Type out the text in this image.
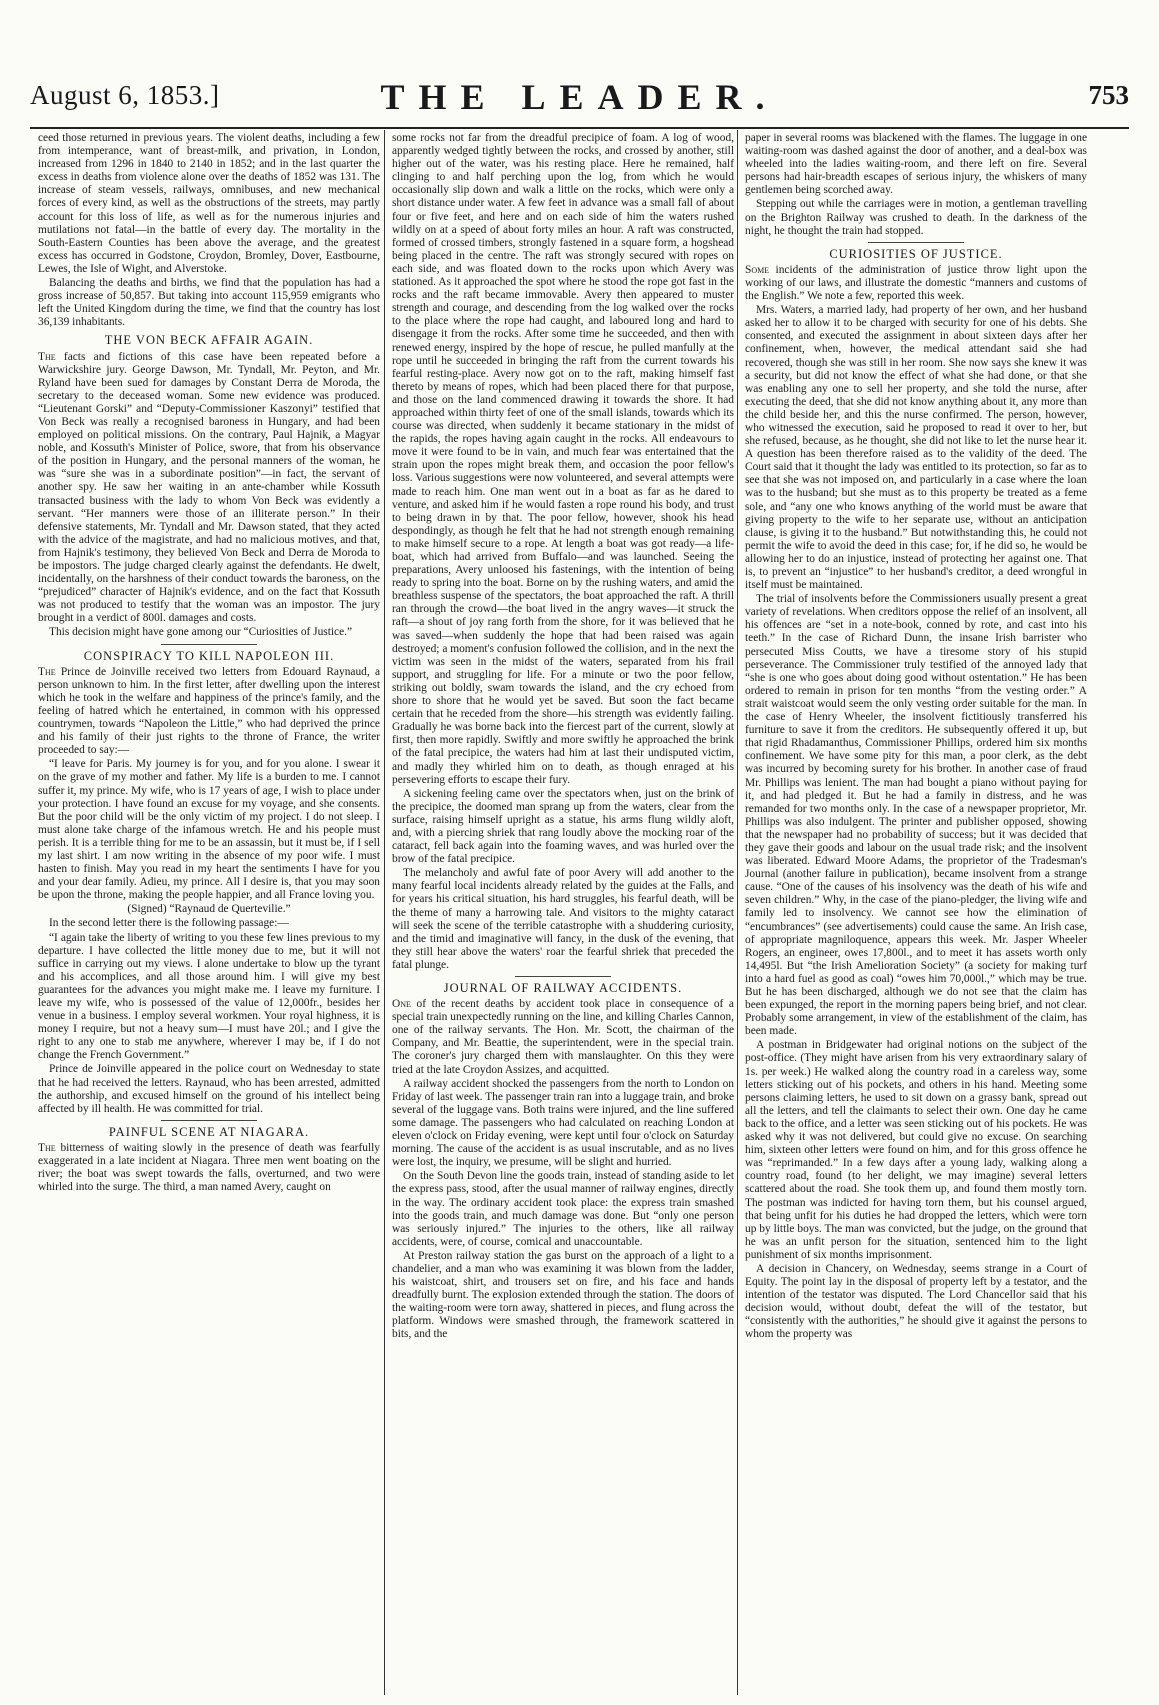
August 6, 1853.]	THE LEADER.	753

ceed those returned in previous years. The violent deaths, including a few from intemperance, want of breast-milk, and privation, in London, increased from 1296 in 1840 to 2140 in 1852; and in the last quarter the excess in deaths from violence alone over the deaths of 1852 was 131. The increase of steam vessels, railways, omnibuses, and new mechanical forces of every kind, as well as the obstructions of the streets, may partly account for this loss of life, as well as for the numerous injuries and mutilations not fatal—in the battle of every day. The mortality in the South-Eastern Counties has been above the average, and the greatest excess has occurred in Godstone, Croydon, Bromley, Dover, Eastbourne, Lewes, the Isle of Wight, and Alverstoke.

Balancing the deaths and births, we find that the population has had a gross increase of 50,857. But taking into account 115,959 emigrants who left the United Kingdom during the time, we find that the country has lost 36,139 inhabitants.

THE VON BECK AFFAIR AGAIN.

The facts and fictions of this case have been repeated before a Warwickshire jury. George Dawson, Mr. Tyndall, Mr. Peyton, and Mr. Ryland have been sued for damages by Constant Derra de Moroda, the secretary to the deceased woman. Some new evidence was produced. “Lieutenant Gorski” and “Deputy-Commissioner Kaszonyi” testified that Von Beck was really a recognised baroness in Hungary, and had been employed on political missions. On the contrary, Paul Hajnik, a Magyar noble, and Kossuth's Minister of Police, swore, that from his observance of the position in Hungary, and the personal manners of the woman, he was “sure she was in a subordinate position”—in fact, the servant of another spy. He saw her waiting in an ante-chamber while Kossuth transacted business with the lady to whom Von Beck was evidently a servant. “Her manners were those of an illiterate person.” In their defensive statements, Mr. Tyndall and Mr. Dawson stated, that they acted with the advice of the magistrate, and had no malicious motives, and that, from Hajnik's testimony, they believed Von Beck and Derra de Moroda to be impostors. The judge charged clearly against the defendants. He dwelt, incidentally, on the harshness of their conduct towards the baroness, on the “prejudiced” character of Hajnik's evidence, and on the fact that Kossuth was not produced to testify that the woman was an impostor. The jury brought in a verdict of 800l. damages and costs.

This decision might have gone among our “Curiosities of Justice.”

CONSPIRACY TO KILL NAPOLEON III.

The Prince de Joinville received two letters from Edouard Raynaud, a person unknown to him. In the first letter, after dwelling upon the interest which he took in the welfare and happiness of the prince's family, and the feeling of hatred which he entertained, in common with his oppressed countrymen, towards “Napoleon the Little,” who had deprived the prince and his family of their just rights to the throne of France, the writer proceeded to say:—

“I leave for Paris. My journey is for you, and for you alone. I swear it on the grave of my mother and father. My life is a burden to me. I cannot suffer it, my prince. My wife, who is 17 years of age, I wish to place under your protection. I have found an excuse for my voyage, and she consents. But the poor child will be the only victim of my project. I do not sleep. I must alone take charge of the infamous wretch. He and his people must perish. It is a terrible thing for me to be an assassin, but it must be, if I sell my last shirt. I am now writing in the absence of my poor wife. I must hasten to finish. May you read in my heart the sentiments I have for you and your dear family. Adieu, my prince. All I desire is, that you may soon be upon the throne, making the people happier, and all France loving you.

(Signed) “Raynaud de Quertevilie.”

In the second letter there is the following passage:—

“I again take the liberty of writing to you these few lines previous to my departure. I have collected the little money due to me, but it will not suffice in carrying out my views. I alone undertake to blow up the tyrant and his accomplices, and all those around him. I will give my best guarantees for the advances you might make me. I leave my furniture. I leave my wife, who is possessed of the value of 12,000fr., besides her venue in a business. I employ several workmen. Your royal highness, it is money I require, but not a heavy sum—I must have 20l.; and I give the right to any one to stab me anywhere, wherever I may be, if I do not change the French Government.”

Prince de Joinville appeared in the police court on Wednesday to state that he had received the letters. Raynaud, who has been arrested, admitted the authorship, and excused himself on the ground of his intellect being affected by ill health. He was committed for trial.

PAINFUL SCENE AT NIAGARA.

The bitterness of waiting slowly in the presence of death was fearfully exaggerated in a late incident at Niagara. Three men went boating on the river; the boat was swept towards the falls, overturned, and two were whirled into the surge. The third, a man named Avery, caught on

some rocks not far from the dreadful precipice of foam. A log of wood, apparently wedged tightly between the rocks, and crossed by another, still higher out of the water, was his resting place. Here he remained, half clinging to and half perching upon the log, from which he would occasionally slip down and walk a little on the rocks, which were only a short distance under water. A few feet in advance was a small fall of about four or five feet, and here and on each side of him the waters rushed wildly on at a speed of about forty miles an hour. A raft was constructed, formed of crossed timbers, strongly fastened in a square form, a hogshead being placed in the centre. The raft was strongly secured with ropes on each side, and was floated down to the rocks upon which Avery was stationed. As it approached the spot where he stood the rope got fast in the rocks and the raft became immovable. Avery then appeared to muster strength and courage, and descending from the log walked over the rocks to the place where the rope had caught, and laboured long and hard to disengage it from the rocks. After some time he succeeded, and then with renewed energy, inspired by the hope of rescue, he pulled manfully at the rope until he succeeded in bringing the raft from the current towards his fearful resting-place. Avery now got on to the raft, making himself fast thereto by means of ropes, which had been placed there for that purpose, and those on the land commenced drawing it towards the shore. It had approached within thirty feet of one of the small islands, towards which its course was directed, when suddenly it became stationary in the midst of the rapids, the ropes having again caught in the rocks. All endeavours to move it were found to be in vain, and much fear was entertained that the strain upon the ropes might break them, and occasion the poor fellow's loss. Various suggestions were now volunteered, and several attempts were made to reach him. One man went out in a boat as far as he dared to venture, and asked him if he would fasten a rope round his body, and trust to being drawn in by that. The poor fellow, however, shook his head despondingly, as though he felt that he had not strength enough remaining to make himself secure to a rope. At length a boat was got ready—a life-boat, which had arrived from Buffalo—and was launched. Seeing the preparations, Avery unloosed his fastenings, with the intention of being ready to spring into the boat. Borne on by the rushing waters, and amid the breathless suspense of the spectators, the boat approached the raft. A thrill ran through the crowd—the boat lived in the angry waves—it struck the raft—a shout of joy rang forth from the shore, for it was believed that he was saved—when suddenly the hope that had been raised was again destroyed; a moment's confusion followed the collision, and in the next the victim was seen in the midst of the waters, separated from his frail support, and struggling for life. For a minute or two the poor fellow, striking out boldly, swam towards the island, and the cry echoed from shore to shore that he would yet be saved. But soon the fact became certain that he receded from the shore—his strength was evidently failing. Gradually he was borne back into the fiercest part of the current, slowly at first, then more rapidly. Swiftly and more swiftly he approached the brink of the fatal precipice, the waters had him at last their undisputed victim, and madly they whirled him on to death, as though enraged at his persevering efforts to escape their fury.

A sickening feeling came over the spectators when, just on the brink of the precipice, the doomed man sprang up from the waters, clear from the surface, raising himself upright as a statue, his arms flung wildly aloft, and, with a piercing shriek that rang loudly above the mocking roar of the cataract, fell back again into the foaming waves, and was hurled over the brow of the fatal precipice.

The melancholy and awful fate of poor Avery will add another to the many fearful local incidents already related by the guides at the Falls, and for years his critical situation, his hard struggles, his fearful death, will be the theme of many a harrowing tale. And visitors to the mighty cataract will seek the scene of the terrible catastrophe with a shuddering curiosity, and the timid and imaginative will fancy, in the dusk of the evening, that they still hear above the waters' roar the fearful shriek that preceded the fatal plunge.

JOURNAL OF RAILWAY ACCIDENTS.

One of the recent deaths by accident took place in consequence of a special train unexpectedly running on the line, and killing Charles Cannon, one of the railway servants. The Hon. Mr. Scott, the chairman of the Company, and Mr. Beattie, the superintendent, were in the special train. The coroner's jury charged them with manslaughter. On this they were tried at the late Croydon Assizes, and acquitted.

A railway accident shocked the passengers from the north to London on Friday of last week. The passenger train ran into a luggage train, and broke several of the luggage vans. Both trains were injured, and the line suffered some damage. The passengers who had calculated on reaching London at eleven o'clock on Friday evening, were kept until four o'clock on Saturday morning. The cause of the accident is as usual inscrutable, and as no lives were lost, the inquiry, we presume, will be slight and hurried.

On the South Devon line the goods train, instead of standing aside to let the express pass, stood, after the usual manner of railway engines, directly in the way. The ordinary accident took place: the express train smashed into the goods train, and much damage was done. But “only one person was seriously injured.” The injuries to the others, like all railway accidents, were, of course, comical and unaccountable.

At Preston railway station the gas burst on the approach of a light to a chandelier, and a man who was examining it was blown from the ladder, his waistcoat, shirt, and trousers set on fire, and his face and hands dreadfully burnt. The explosion extended through the station. The doors of the waiting-room were torn away, shattered in pieces, and flung across the platform. Windows were smashed through, the framework scattered in bits, and the

paper in several rooms was blackened with the flames. The luggage in one waiting-room was dashed against the door of another, and a deal-box was wheeled into the ladies waiting-room, and there left on fire. Several persons had hair-breadth escapes of serious injury, the whiskers of many gentlemen being scorched away.

Stepping out while the carriages were in motion, a gentleman travelling on the Brighton Railway was crushed to death. In the darkness of the night, he thought the train had stopped.

CURIOSITIES OF JUSTICE.

Some incidents of the administration of justice throw light upon the working of our laws, and illustrate the domestic “manners and customs of the English.” We note a few, reported this week.

Mrs. Waters, a married lady, had property of her own, and her husband asked her to allow it to be charged with security for one of his debts. She consented, and executed the assignment in about sixteen days after her confinement, when, however, the medical attendant said she had recovered, though she was still in her room. She now says she knew it was a security, but did not know the effect of what she had done, or that she was enabling any one to sell her property, and she told the nurse, after executing the deed, that she did not know anything about it, any more than the child beside her, and this the nurse confirmed. The person, however, who witnessed the execution, said he proposed to read it over to her, but she refused, because, as he thought, she did not like to let the nurse hear it. A question has been therefore raised as to the validity of the deed. The Court said that it thought the lady was entitled to its protection, so far as to see that she was not imposed on, and particularly in a case where the loan was to the husband; but she must as to this property be treated as a feme sole, and “any one who knows anything of the world must be aware that giving property to the wife to her separate use, without an anticipation clause, is giving it to the husband.” But notwithstanding this, he could not permit the wife to avoid the deed in this case; for, if he did so, he would be allowing her to do an injustice, instead of protecting her against one. That is, to prevent an “injustice” to her husband's creditor, a deed wrongful in itself must be maintained.

The trial of insolvents before the Commissioners usually present a great variety of revelations. When creditors oppose the relief of an insolvent, all his offences are “set in a note-book, conned by rote, and cast into his teeth.” In the case of Richard Dunn, the insane Irish barrister who persecuted Miss Coutts, we have a tiresome story of his stupid perseverance. The Commissioner truly testified of the annoyed lady that “she is one who goes about doing good without ostentation.” He has been ordered to remain in prison for ten months “from the vesting order.” A strait waistcoat would seem the only vesting order suitable for the man. In the case of Henry Wheeler, the insolvent fictitiously transferred his furniture to save it from the creditors. He subsequently offered it up, but that rigid Rhadamanthus, Commissioner Phillips, ordered him six months confinement. We have some pity for this man, a poor clerk, as the debt was incurred by becoming surety for his brother. In another case of fraud Mr. Phillips was lenient. The man had bought a piano without paying for it, and had pledged it. But he had a family in distress, and he was remanded for two months only. In the case of a newspaper proprietor, Mr. Phillips was also indulgent. The printer and publisher opposed, showing that the newspaper had no probability of success; but it was decided that they gave their goods and labour on the usual trade risk; and the insolvent was liberated. Edward Moore Adams, the proprietor of the Tradesman's Journal (another failure in publication), became insolvent from a strange cause. “One of the causes of his insolvency was the death of his wife and seven children.” Why, in the case of the piano-pledger, the living wife and family led to insolvency. We cannot see how the elimination of “encumbrances” (see advertisements) could cause the same. An Irish case, of appropriate magniloquence, appears this week. Mr. Jasper Wheeler Rogers, an engineer, owes 17,800l., and to meet it has assets worth only 14,495l. But “the Irish Amelioration Society” (a society for making turf into a hard fuel as good as coal) “owes him 70,000l.,” which may be true. But he has been discharged, although we do not see that the claim has been expunged, the report in the morning papers being brief, and not clear. Probably some arrangement, in view of the establishment of the claim, has been made.

A postman in Bridgewater had original notions on the subject of the post-office. (They might have arisen from his very extraordinary salary of 1s. per week.) He walked along the country road in a careless way, some letters sticking out of his pockets, and others in his hand. Meeting some persons claiming letters, he used to sit down on a grassy bank, spread out all the letters, and tell the claimants to select their own. One day he came back to the office, and a letter was seen sticking out of his pockets. He was asked why it was not delivered, but could give no excuse. On searching him, sixteen other letters were found on him, and for this gross offence he was “reprimanded.” In a few days after a young lady, walking along a country road, found (to her delight, we may imagine) several letters scattered about the road. She took them up, and found them mostly torn. The postman was indicted for having torn them, but his counsel argued, that being unfit for his duties he had dropped the letters, which were torn up by little boys. The man was convicted, but the judge, on the ground that he was an unfit person for the situation, sentenced him to the light punishment of six months imprisonment.

A decision in Chancery, on Wednesday, seems strange in a Court of Equity. The point lay in the disposal of property left by a testator, and the intention of the testator was disputed. The Lord Chancellor said that his decision would, without doubt, defeat the will of the testator, but “consistently with the authorities,” he should give it against the persons to whom the property was
